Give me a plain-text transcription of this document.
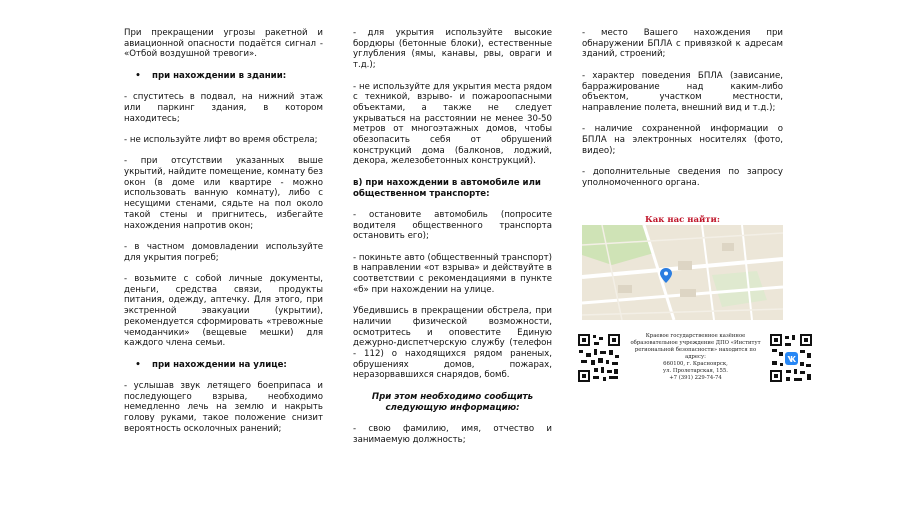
При прекращении угрозы ракетной и авиационной опасности подаётся сигнал - «Отбой воздушной тревоги».

• при нахождении в здании:

- спуститесь в подвал, на нижний этаж или паркинг здания, в котором находитесь;

- не используйте лифт во время обстрела;

- при отсутствии указанных выше укрытий, найдите помещение, комнату без окон (в доме или квартире - можно использовать ванную комнату), либо с несущими стенами, сядьте на пол около такой стены и пригнитесь, избегайте нахождения напротив окон;

- в частном домовладении используйте для укрытия погреб;

- возьмите с собой личные документы, деньги, средства связи, продукты питания, одежду, аптечку. Для этого, при экстренной эвакуации (укрытии), рекомендуется сформировать «тревожные чемоданчики» (вещевые мешки) для каждого члена семьи.

• при нахождении на улице:

- услышав звук летящего боеприпаса и последующего взрыва, необходимо немедленно лечь на землю и накрыть голову руками, такое положение снизит вероятность осколочных ранений;

- для укрытия используйте высокие бордюры (бетонные блоки), естественные углубления (ямы, канавы, рвы, овраги и т.д.);

- не используйте для укрытия места рядом с техникой, взрыво- и пожароопасными объектами, а также не следует укрываться на расстоянии не менее 30-50 метров от многоэтажных домов, чтобы обезопасить себя от обрушений конструкций дома (балконов, лоджий, декора, железобетонных конструкций).

в) при нахождении в автомобиле или общественном транспорте:

- остановите автомобиль (попросите водителя общественного транспорта остановить его);

- покиньте авто (общественный транспорт) в направлении «от взрыва» и действуйте в соответствии с рекомендациями в пункте «б» при нахождении на улице.

Убедившись в прекращении обстрела, при наличии физической возможности, осмотритесь и оповестите Единую дежурно-диспетчерскую службу (телефон - 112) о находящихся рядом раненых, обрушениях домов, пожарах, неразорвавшихся снарядов, бомб.

При этом необходимо сообщить следующую информацию:

- свою фамилию, имя, отчество и занимаемую должность;

- место Вашего нахождения при обнаружении БПЛА с привязкой к адресам зданий, строений;

- характер поведения БПЛА (зависание, барражирование над каким-либо объектом, участком местности, направление полета, внешний вид и т.д.);

- наличие сохраненной информации о БПЛА на электронных носителях (фото, видео);

- дополнительные сведения по запросу уполномоченного органа.

Как нас найти:
Краевое государственное казённое
образовательное учреждение ДПО «Институт
региональной безопасности» находится по
адресу:
660100, г. Красноярск,
ул. Пролетарская, 155.
+7 (391) 229-74-74
